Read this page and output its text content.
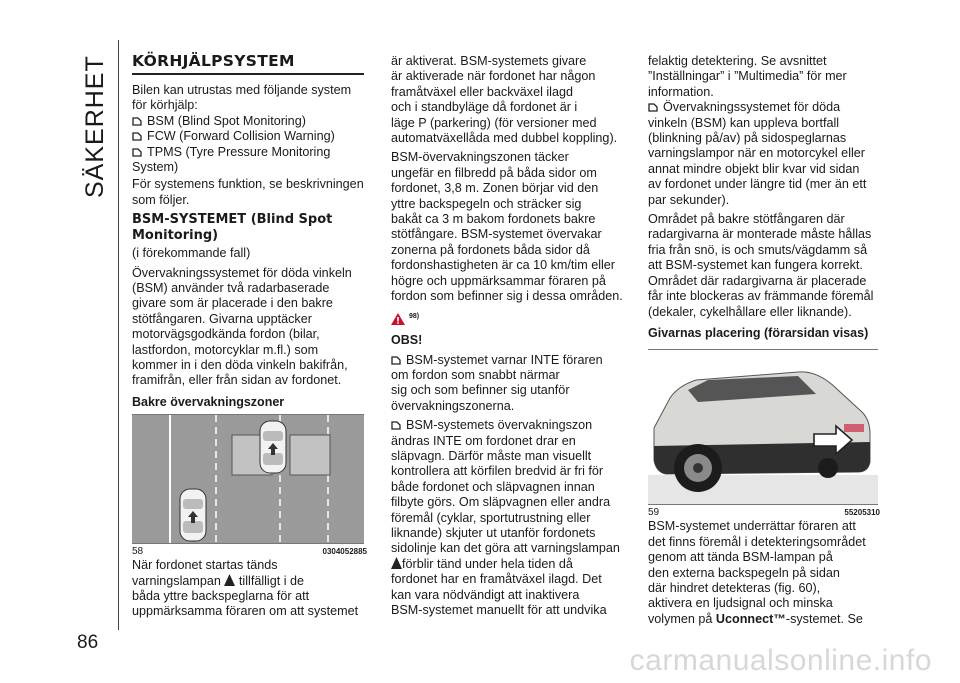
SÄKERHET
86
KÖRHJÄLPSYSTEM

Bilen kan utrustas med följande system
för körhjälp:

BSM (Blind Spot Monitoring)
FCW (Forward Collision Warning)
TPMS (Tyre Pressure Monitoring
System)

För systemens funktion, se beskrivningen
som följer.

BSM-SYSTEMET (Blind Spot
Monitoring)

(i förekommande fall)

Övervakningssystemet för döda vinkeln
(BSM) använder två radarbaserade
givare som är placerade i den bakre
stötfångaren. Givarna upptäcker
motorvägsgodkända fordon (bilar,
lastfordon, motorcyklar m.fl.) som
kommer in i den döda vinkeln bakifrån,
framifrån, eller från sidan av fordonet.

Bakre övervakningszoner
58	0304052885

När fordonet startas tänds
varningslampan tillfälligt i de
båda yttre backspeglarna för att
uppmärksamma föraren om att systemet

är aktiverat. BSM-systemets givare
är aktiverade när fordonet har någon
framåtväxel eller backväxel ilagd
och i standbyläge då fordonet är i
läge P (parkering) (för versioner med
automatväxellåda med dubbel koppling).

BSM-övervakningszonen täcker
ungefär en filbredd på båda sidor om
fordonet, 3,8 m. Zonen börjar vid den
yttre backspegeln och sträcker sig
bakåt ca 3 m bakom fordonets bakre
stötfångare. BSM-systemet övervakar
zonerna på fordonets båda sidor då
fordonshastigheten är ca 10 km/tim eller
högre och uppmärksammar föraren på
fordon som befinner sig i dessa områden.

$^{98)}$
OBS!

BSM-systemet varnar INTE föraren
om fordon som snabbt närmar
sig och som befinner sig utanför
övervakningszonerna.

BSM-systemets övervakningszon
ändras INTE om fordonet drar en
släpvagn. Därför måste man visuellt
kontrollera att körfilen bredvid är fri för
både fordonet och släpvagnen innan
filbyte görs. Om släpvagnen eller andra
föremål (cyklar, sportutrustning eller
liknande) skjuter ut utanför fordonets
sidolinje kan det göra att varningslampan
förblir tänd under hela tiden då
fordonet har en framåtväxel ilagd. Det
kan vara nödvändigt att inaktivera
BSM-systemet manuellt för att undvika

felaktig detektering. Se avsnittet
”Inställningar” i ”Multimedia” för mer
information.

Övervakningssystemet för döda
vinkeln (BSM) kan uppleva bortfall
(blinkning på/av) på sidospeglarnas
varningslampor när en motorcykel eller
annat mindre objekt blir kvar vid sidan
av fordonet under längre tid (mer än ett
par sekunder).

Området på bakre stötfångaren där
radargivarna är monterade måste hållas
fria från snö, is och smuts/vägdamm så
att BSM-systemet kan fungera korrekt.
Området där radargivarna är placerade
får inte blockeras av främmande föremål
(dekaler, cykelhållare eller liknande).

Givarnas placering (förarsidan visas)
59	55205310

BSM-systemet underrättar föraren att
det finns föremål i detekteringsområdet
genom att tända BSM-lampan på
den externa backspegeln på sidan
där hindret detekteras (fig. 60),
aktivera en ljudsignal och minska
volymen på Uconnect™-systemet. Se

carmanualsonline.info
